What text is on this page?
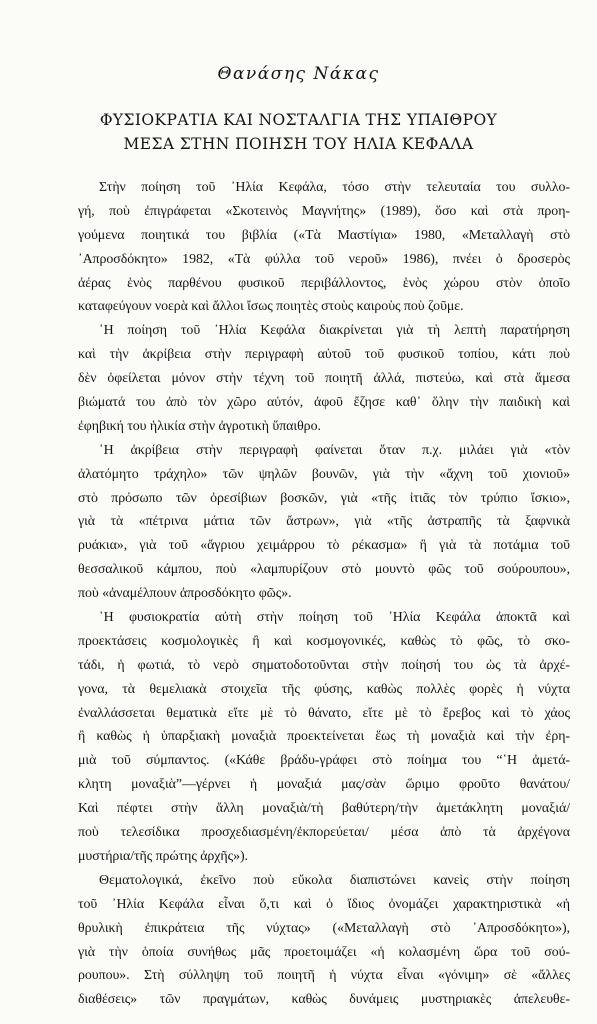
Θανάσης Νάκας
ΦΥΣΙΟΚΡΑΤΙΑ ΚΑΙ ΝΟΣΤΑΛΓΙΑ ΤΗΣ ΥΠΑΙΘΡΟΥ
ΜΕΣΑ ΣΤΗΝ ΠΟΙΗΣΗ ΤΟΥ ΗΛΙΑ ΚΕΦΑΛΑ
Στὴν ποίηση τοῦ ᾿Ηλία Κεφάλα, τόσο στὴν τελευταία του συλλο-
γή, ποὺ ἐπιγράφεται «Σκοτεινὸς Μαγνήτης» (1989), ὅσο καὶ στὰ προη-
γούμενα ποιητικά του βιβλία («Τὰ Μαστίγια» 1980, «Μεταλλαγὴ στὸ
᾿Απροσδόκητο» 1982, «Τὰ φύλλα τοῦ νεροῦ» 1986), πνέει ὁ δροσερὸς
ἀέρας ἑνὸς παρθένου φυσικοῦ περιβάλλοντος, ἑνὸς χώρου στὸν ὁποῖο
καταφεύγουν νοερὰ καὶ ἄλλοι ἴσως ποιητὲς στοὺς καιροὺς ποὺ ζοῦμε.
῾Η ποίηση τοῦ ᾿Ηλία Κεφάλα διακρίνεται γιὰ τὴ λεπτὴ παρατήρηση
καὶ τὴν ἀκρίβεια στὴν περιγραφὴ αὐτοῦ τοῦ φυσικοῦ τοπίου, κάτι ποὺ
δὲν ὀφείλεται μόνον στὴν τέχνη τοῦ ποιητῆ ἀλλά, πιστεύω, καὶ στὰ ἄμεσα
βιώματά του ἀπὸ τὸν χῶρο αὐτόν, ἀφοῦ ἔζησε καθ᾿ ὅλην τὴν παιδικὴ καὶ
ἐφηβική του ἡλικία στὴν ἀγροτικὴ ὕπαιθρο.
῾Η ἀκρίβεια στὴν περιγραφὴ φαίνεται ὅταν π.χ. μιλάει γιὰ «τὸν
ἀλατόμητο τράχηλο» τῶν ψηλῶν βουνῶν, γιὰ τὴν «ἄχνη τοῦ χιονιοῦ»
στὸ πρόσωπο τῶν ὀρεσίβιων βοσκῶν, γιὰ «τῆς ἰτιᾶς τὸν τρύπιο ἴσκιο»,
γιὰ τὰ «πέτρινα μάτια τῶν ἄστρων», γιὰ «τῆς ἀστραπῆς τὰ ξαφνικὰ
ρυάκια», γιὰ τοῦ «ἄγριου χειμάρρου τὸ ρέκασμα» ἢ γιὰ τὰ ποτάμια τοῦ
θεσσαλικοῦ κάμπου, ποὺ «λαμπυρίζουν στὸ μουντὸ φῶς τοῦ σούρουπου»,
ποὺ «ἀναμέλπουν ἀπροσδόκητο φῶς».
῾Η φυσιοκρατία αὐτὴ στὴν ποίηση τοῦ ᾿Ηλία Κεφάλα ἀποκτᾶ καὶ
προεκτάσεις κοσμολογικὲς ἢ καὶ κοσμογονικές, καθὼς τὸ φῶς, τὸ σκο-
τάδι, ἡ φωτιά, τὸ νερὸ σηματοδοτοῦνται στὴν ποίησή του ὡς τὰ ἀρχέ-
γονα, τὰ θεμελιακὰ στοιχεῖα τῆς φύσης, καθὼς πολλὲς φορὲς ἡ νύχτα
ἐναλλάσσεται θεματικὰ εἴτε μὲ τὸ θάνατο, εἴτε μὲ τὸ ἔρεβος καὶ τὸ χάος
ἢ καθὼς ἡ ὑπαρξιακὴ μοναξιὰ προεκτείνεται ἕως τὴ μοναξιὰ καὶ τὴν ἐρη-
μιὰ τοῦ σύμπαντος. («Κάθε βράδυ-γράφει στὸ ποίημα του “῾Η ἀμετά-
κλητη μοναξιὰ”—γέρνει ἡ μοναξιά μας/σὰν ὥριμο φροῦτο θανάτου/
Καὶ πέφτει στὴν ἄλλη μοναξιὰ/τὴ βαθύτερη/τὴν ἀμετάκλητη μοναξιά/
ποὺ τελεσίδικα προσχεδιασμένη/ἐκπορεύεται/ μέσα ἀπὸ τὰ ἀρχέγονα
μυστήρια/τῆς πρώτης ἀρχῆς»).
Θεματολογικά, ἐκεῖνο ποὺ εὔκολα διαπιστώνει κανεὶς στὴν ποίηση
τοῦ ᾿Ηλία Κεφάλα εἶναι ὅ,τι καὶ ὁ ἴδιος ὀνομάζει χαρακτηριστικὰ «ἡ
θρυλικὴ ἐπικράτεια τῆς νύχτας» («Μεταλλαγὴ στὸ ᾿Απροσδόκητο»),
γιὰ τὴν ὁποία συνήθως μᾶς προετοιμάζει «ἡ κολασμένη ὥρα τοῦ σού-
ρουπου». Στὴ σύλληψη τοῦ ποιητῆ ἡ νύχτα εἶναι «γόνιμη» σὲ «ἄλλες
διαθέσεις» τῶν πραγμάτων, καθὼς δυνάμεις μυστηριακὲς ἀπελευθε-
